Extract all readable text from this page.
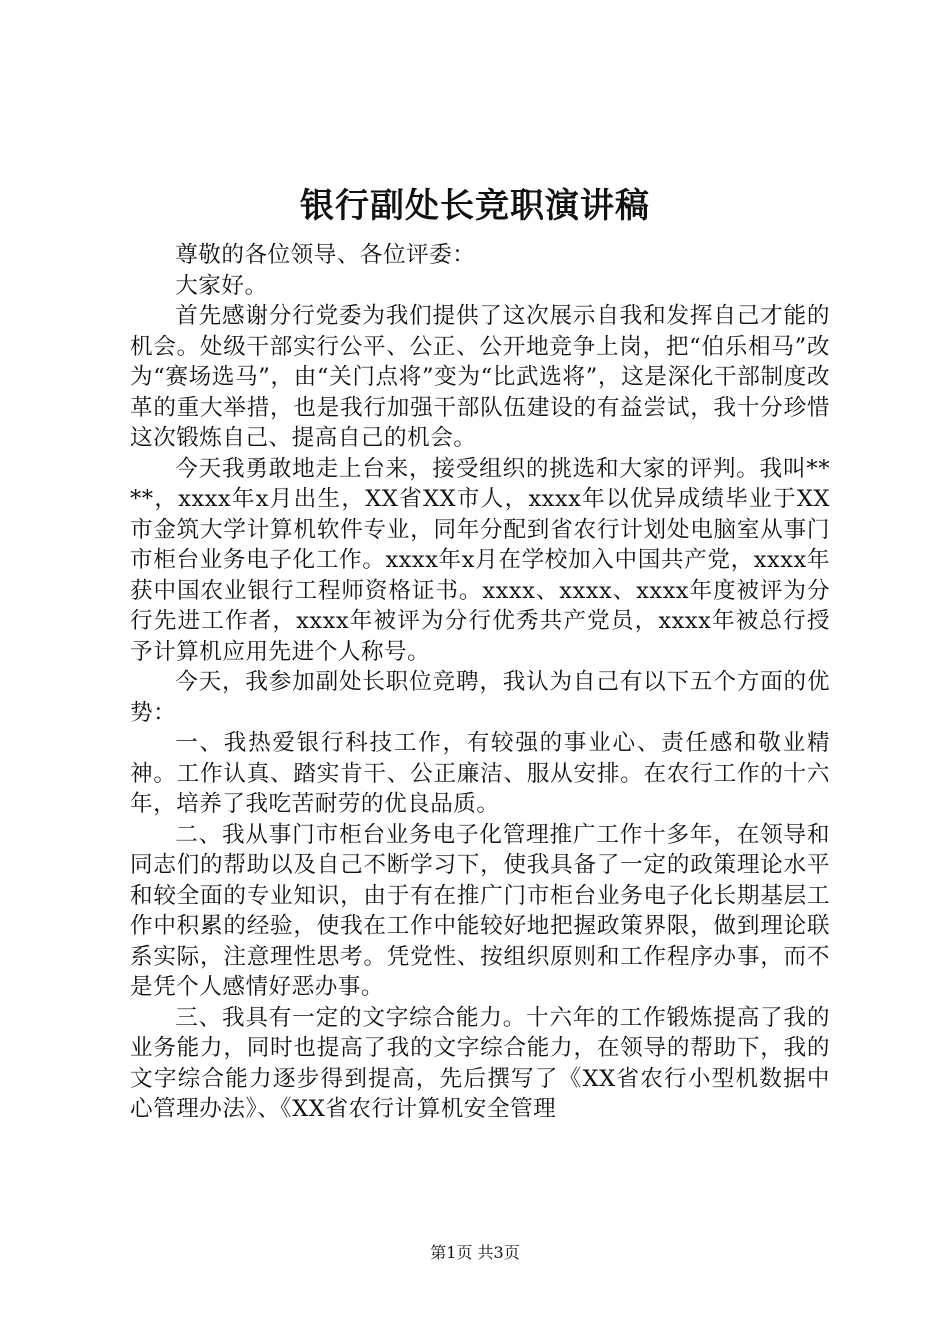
银行副处长竞职演讲稿

尊敬的各位领导、各位评委：

大家好。

首先感谢分行党委为我们提供了这次展示自我和发挥自己才能的机会。处级干部实行公平、公正、公开地竞争上岗，把“伯乐相马”改为“赛场选马”，由“关门点将”变为“比武选将”，这是深化干部制度改革的重大举措，也是我行加强干部队伍建设的有益尝试，我十分珍惜这次锻炼自己、提高自己的机会。

今天我勇敢地走上台来，接受组织的挑选和大家的评判。我叫****，xxxx年x月出生，XX省XX市人，xxxx年以优异成绩毕业于XX市金筑大学计算机软件专业，同年分配到省农行计划处电脑室从事门市柜台业务电子化工作。xxxx年x月在学校加入中国共产党，xxxx年获中国农业银行工程师资格证书。xxxx、xxxx、xxxx年度被评为分行先进工作者，xxxx年被评为分行优秀共产党员，xxxx年被总行授予计算机应用先进个人称号。

今天，我参加副处长职位竞聘，我认为自己有以下五个方面的优势：

一、我热爱银行科技工作，有较强的事业心、责任感和敬业精神。工作认真、踏实肯干、公正廉洁、服从安排。在农行工作的十六年，培养了我吃苦耐劳的优良品质。

二、我从事门市柜台业务电子化管理推广工作十多年，在领导和同志们的帮助以及自己不断学习下，使我具备了一定的政策理论水平和较全面的专业知识，由于有在推广门市柜台业务电子化长期基层工作中积累的经验，使我在工作中能较好地把握政策界限，做到理论联系实际，注意理性思考。凭党性、按组织原则和工作程序办事，而不是凭个人感情好恶办事。

三、我具有一定的文字综合能力。十六年的工作锻炼提高了我的业务能力，同时也提高了我的文字综合能力，在领导的帮助下，我的文字综合能力逐步得到提高，先后撰写了《XX省农行小型机数据中心管理办法》、《XX省农行计算机安全管理

第1页 共3页
